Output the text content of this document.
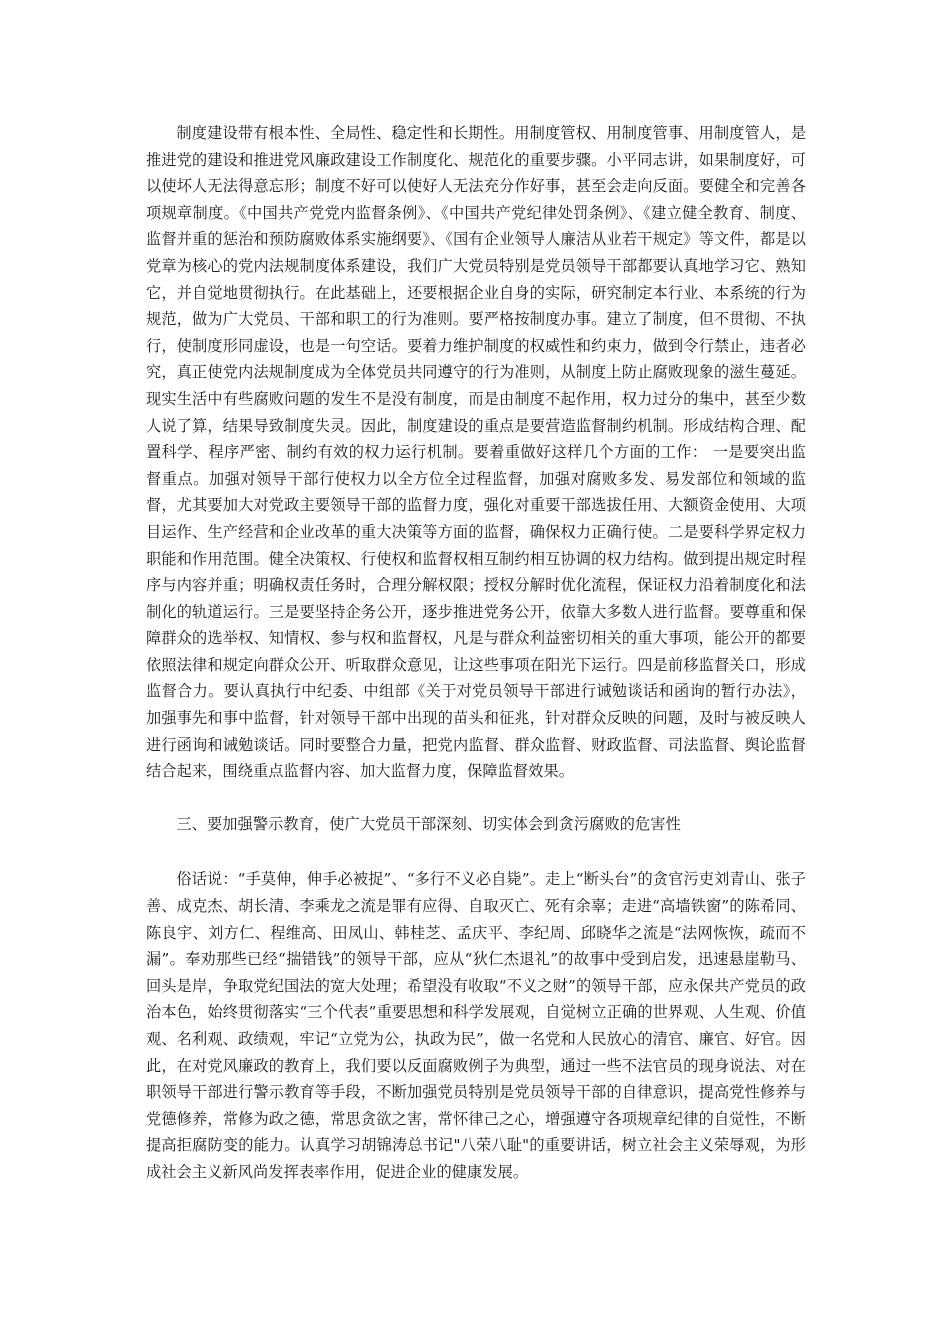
制度建设带有根本性、全局性、稳定性和长期性。用制度管权、用制度管事、用制度管人，是推进党的建设和推进党风廉政建设工作制度化、规范化的重要步骤。小平同志讲，如果制度好，可以使坏人无法得意忘形；制度不好可以使好人无法充分作好事，甚至会走向反面。要健全和完善各项规章制度。《中国共产党党内监督条例》、《中国共产党纪律处罚条例》、《建立健全教育、制度、监督并重的惩治和预防腐败体系实施纲要》、《国有企业领导人廉洁从业若干规定》等文件，都是以党章为核心的党内法规制度体系建设，我们广大党员特别是党员领导干部都要认真地学习它、熟知它，并自觉地贯彻执行。在此基础上，还要根据企业自身的实际，研究制定本行业、本系统的行为规范，做为广大党员、干部和职工的行为准则。要严格按制度办事。建立了制度，但不贯彻、不执行，使制度形同虚设，也是一句空话。要着力维护制度的权威性和约束力，做到令行禁止，违者必究，真正使党内法规制度成为全体党员共同遵守的行为准则，从制度上防止腐败现象的滋生蔓延。现实生活中有些腐败问题的发生不是没有制度，而是由制度不起作用，权力过分的集中，甚至少数人说了算，结果导致制度失灵。因此，制度建设的重点是要营造监督制约机制。形成结构合理、配置科学、程序严密、制约有效的权力运行机制。要着重做好这样几个方面的工作： 一是要突出监督重点。加强对领导干部行使权力以全方位全过程监督，加强对腐败多发、易发部位和领域的监督，尤其要加大对党政主要领导干部的监督力度，强化对重要干部选拔任用、大额资金使用、大项目运作、生产经营和企业改革的重大决策等方面的监督，确保权力正确行使。二是要科学界定权力职能和作用范围。健全决策权、行使权和监督权相互制约相互协调的权力结构。做到提出规定时程序与内容并重；明确权责任务时，合理分解权限；授权分解时优化流程，保证权力沿着制度化和法制化的轨道运行。三是要坚持企务公开，逐步推进党务公开，依靠大多数人进行监督。要尊重和保障群众的选举权、知情权、参与权和监督权，凡是与群众利益密切相关的重大事项，能公开的都要依照法律和规定向群众公开、听取群众意见，让这些事项在阳光下运行。四是前移监督关口，形成监督合力。要认真执行中纪委、中组部《关于对党员领导干部进行诫勉谈话和函询的暂行办法》，加强事先和事中监督，针对领导干部中出现的苗头和征兆，针对群众反映的问题，及时与被反映人进行函询和诫勉谈话。同时要整合力量，把党内监督、群众监督、财政监督、司法监督、舆论监督结合起来，围绕重点监督内容、加大监督力度，保障监督效果。

三、要加强警示教育，使广大党员干部深刻、切实体会到贪污腐败的危害性

俗话说：“手莫伸，伸手必被捉”、“多行不义必自毙”。走上“断头台”的贪官污吏刘青山、张子善、成克杰、胡长清、李乘龙之流是罪有应得、自取灭亡、死有余辜；走进“高墙铁窗”的陈希同、陈良宇、刘方仁、程维高、田凤山、韩桂芝、孟庆平、李纪周、邱晓华之流是“法网恢恢，疏而不漏”。奉劝那些已经“揣错钱”的领导干部，应从“狄仁杰退礼”的故事中受到启发，迅速悬崖勒马、回头是岸，争取党纪国法的宽大处理；希望没有收取“不义之财”的领导干部，应永保共产党员的政治本色，始终贯彻落实“三个代表”重要思想和科学发展观，自觉树立正确的世界观、人生观、价值观、名利观、政绩观，牢记“立党为公，执政为民”，做一名党和人民放心的清官、廉官、好官。因此，在对党风廉政的教育上，我们要以反面腐败例子为典型，通过一些不法官员的现身说法、对在职领导干部进行警示教育等手段，不断加强党员特别是党员领导干部的自律意识，提高党性修养与党德修养，常修为政之德，常思贪欲之害，常怀律己之心，增强遵守各项规章纪律的自觉性，不断提高拒腐防变的能力。认真学习胡锦涛总书记"八荣八耻"的重要讲话，树立社会主义荣辱观，为形成社会主义新风尚发挥表率作用，促进企业的健康发展。
